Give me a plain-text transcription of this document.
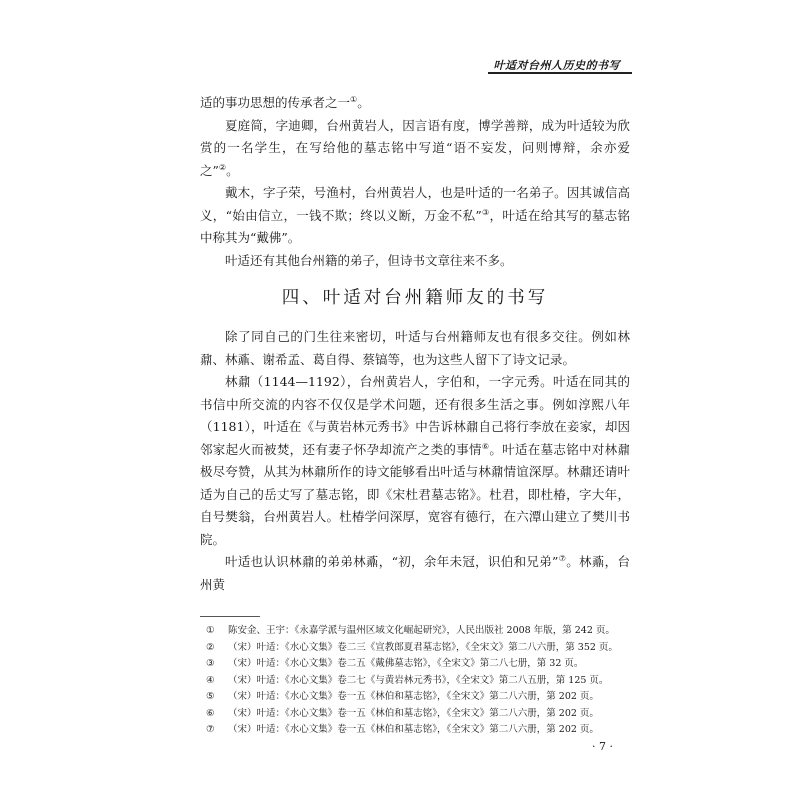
叶适对台州人历史的书写

适的事功思想的传承者之一①。

夏庭简，字迪卿，台州黄岩人，因言语有度，博学善辩，成为叶适较为欣赏的一名学生，在写给他的墓志铭中写道“语不妄发，问则博辩，余亦爱之”②。

戴木，字子荣，号渔村，台州黄岩人，也是叶适的一名弟子。因其诚信高义，“始由信立，一钱不欺；终以义断，万金不私”③，叶适在给其写的墓志铭中称其为“戴佛”。

叶适还有其他台州籍的弟子，但诗书文章往来不多。

四、叶适对台州籍师友的书写

除了同自己的门生往来密切，叶适与台州籍师友也有很多交往。例如林鼐、林鼒、谢希孟、葛自得、蔡镐等，也为这些人留下了诗文记录。

林鼐（1144—1192），台州黄岩人，字伯和，一字元秀。叶适在同其的书信中所交流的内容不仅仅是学术问题，还有很多生活之事。例如淳熙八年（1181），叶适在《与黄岩林元秀书》中告诉林鼐自己将行李放在妾家，却因邻家起火而被焚，还有妻子怀孕却流产之类的事情⑥。叶适在墓志铭中对林鼐极尽夸赞，从其为林鼐所作的诗文能够看出叶适与林鼐情谊深厚。林鼐还请叶适为自己的岳丈写了墓志铭，即《宋杜君墓志铭》。杜君，即杜椿，字大年，自号樊翁，台州黄岩人。杜椿学问深厚，宽容有德行，在六潭山建立了樊川书院。

叶适也认识林鼐的弟弟林鼒，“初，余年未冠，识伯和兄弟”⑦。林鼒，台州黄

①	陈安金、王宇：《永嘉学派与温州区域文化崛起研究》，人民出版社 2008 年版，第 242 页。
②	（宋）叶适：《水心文集》卷二三《宣教郎夏君墓志铭》，《全宋文》第二八六册，第 352 页。
③	（宋）叶适：《水心文集》卷二五《戴佛墓志铭》，《全宋文》第二八七册，第 32 页。
④	（宋）叶适：《水心文集》卷二七《与黄岩林元秀书》，《全宋文》第二八五册，第 125 页。
⑤	（宋）叶适：《水心文集》卷一五《林伯和墓志铭》，《全宋文》第二八六册，第 202 页。
⑥	（宋）叶适：《水心文集》卷一五《林伯和墓志铭》，《全宋文》第二八六册，第 202 页。
⑦	（宋）叶适：《水心文集》卷一五《林伯和墓志铭》，《全宋文》第二八六册，第 202 页。
· 7 ·
